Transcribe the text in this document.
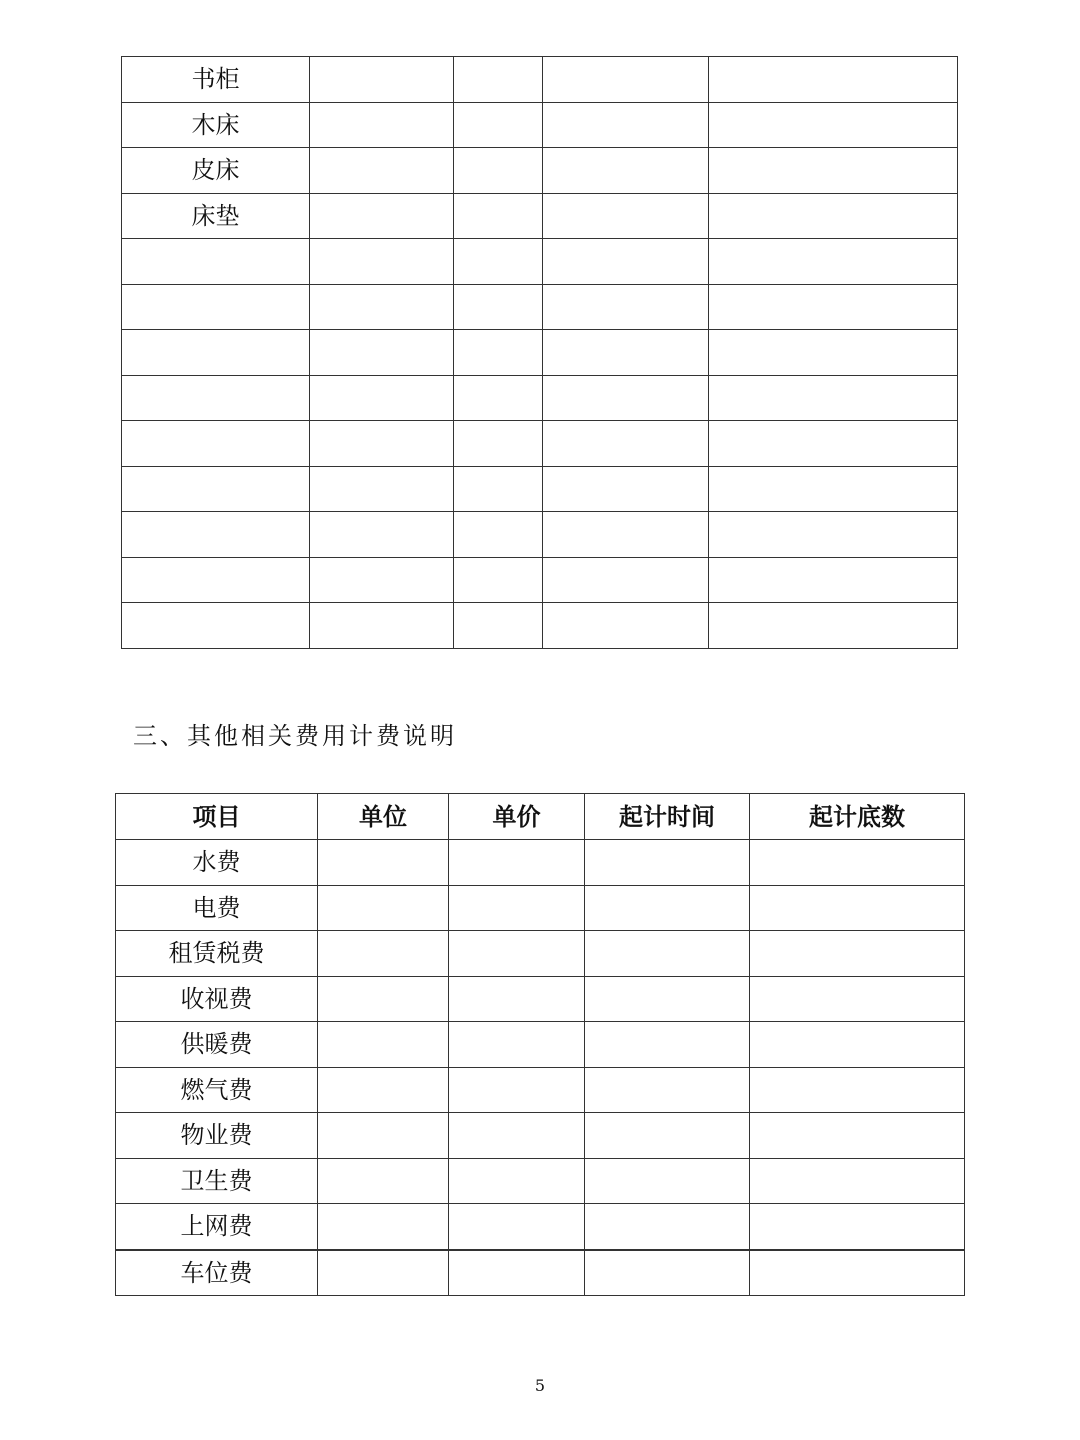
书柜				
木床				
皮床				
床垫				

三、其他相关费用计费说明
项目	单位	单价	起计时间	起计底数
水费				
电费				
租赁税费				
收视费				
供暖费				
燃气费				
物业费				
卫生费				
上网费				
车位费				
5
